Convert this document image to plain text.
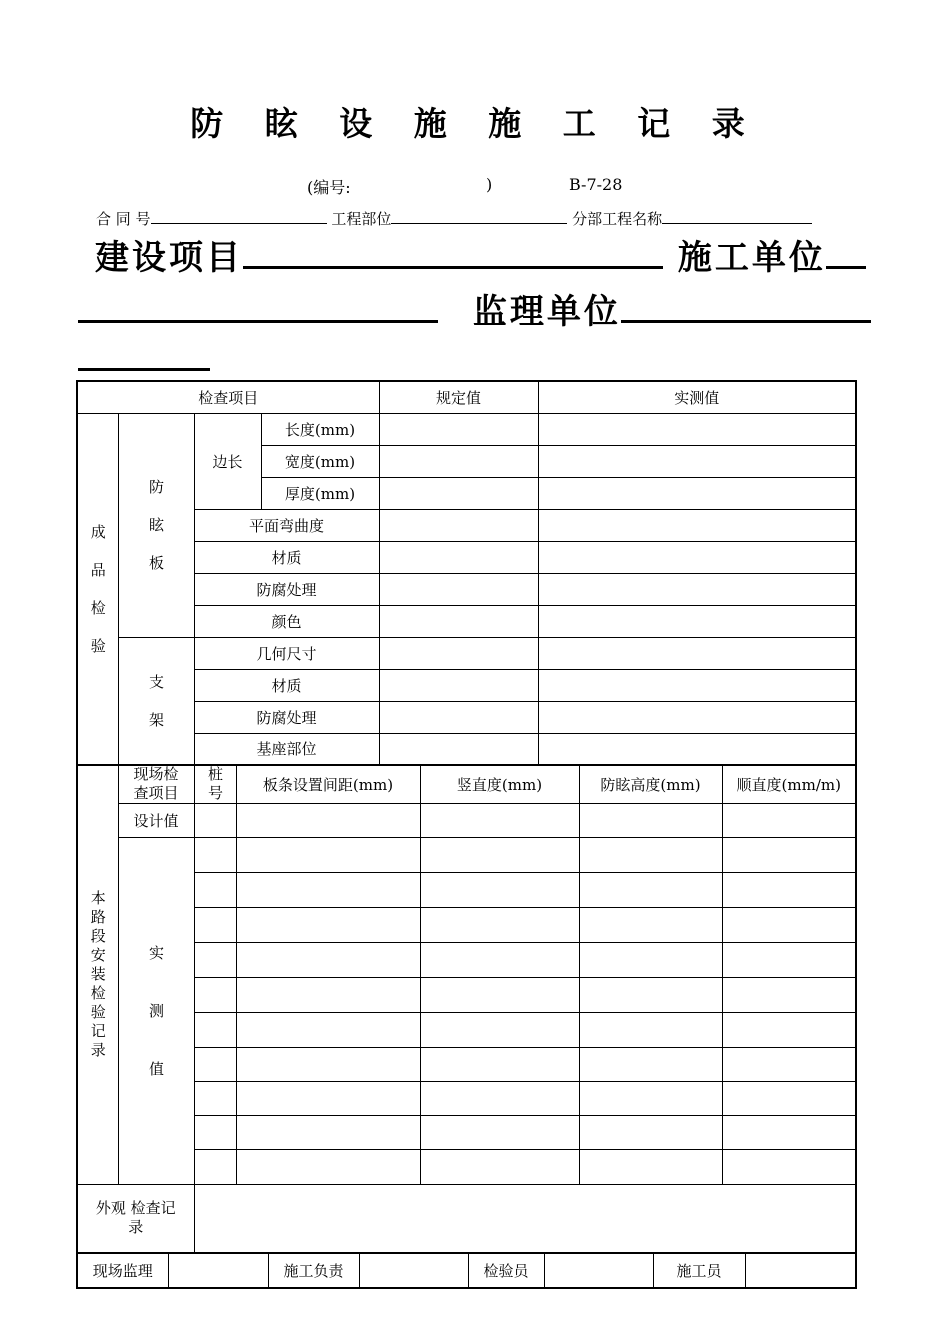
防 眩 设 施 施 工 记 录
(编号:	)	B-7-28
合 同 号	工程部位	分部工程名称
建设项目	施工单位
监理单位
检查项目				规定值	实测值

成 品 检 验	防 眩 板	边长	长度(mm)		
			宽度(mm)		
			厚度(mm)		
		平面弯曲度			
		材质			
		防腐处理			
		颜色			

	支 架	几何尺寸			
		材质			
		防腐处理			
		基座部位			
本路段安装检验记录	现场检查项目	桩号	板条设置间距(mm)	竖直度(mm)	防眩高度(mm)	顺直度(mm/m)
	设计值					

	实 测 值					

外观 检查记录						

现场监理		施工负责		检验员		施工员	
